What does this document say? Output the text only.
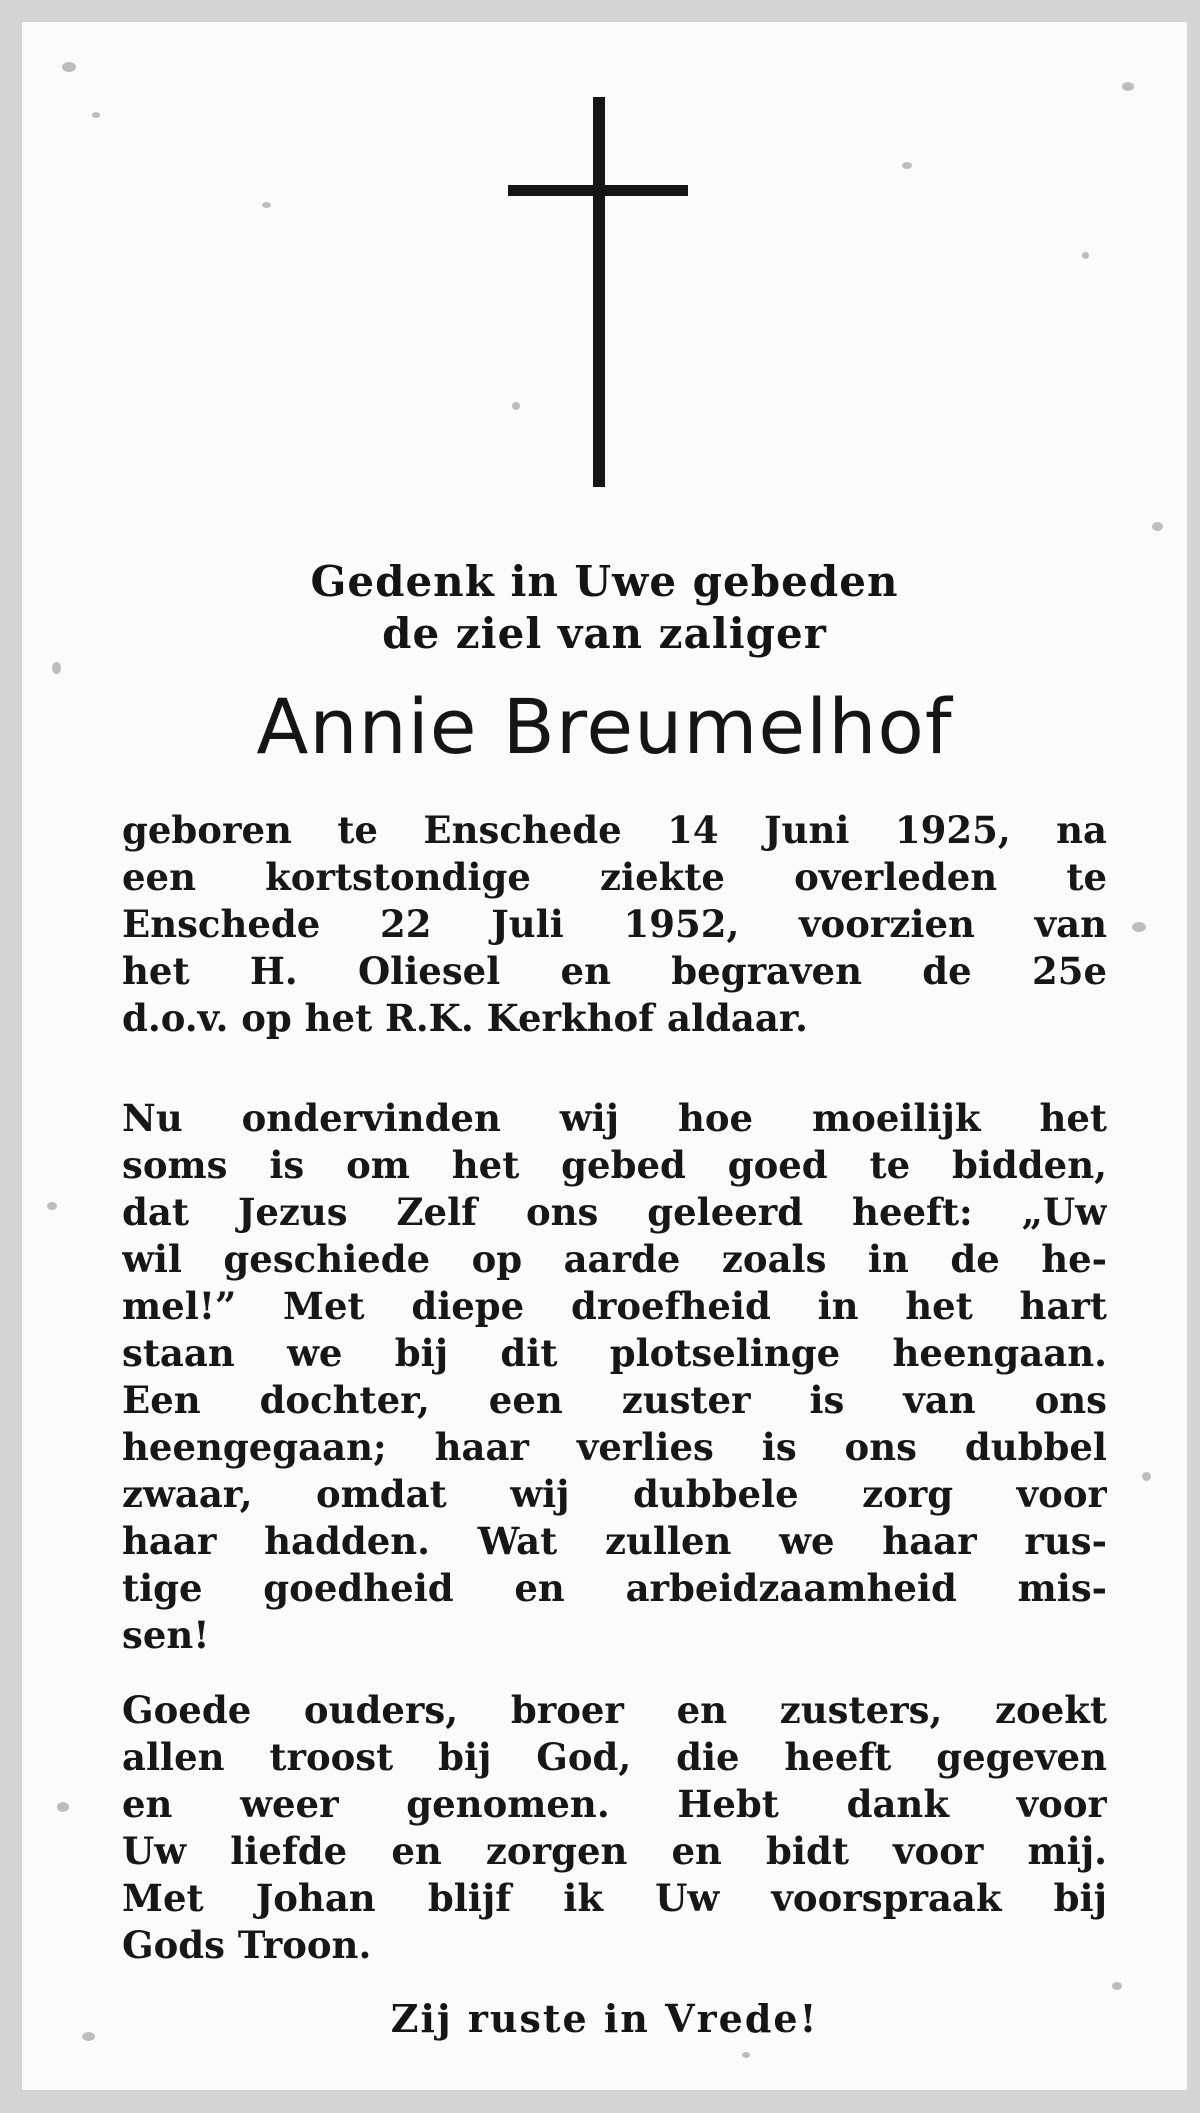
Gedenk in Uwe gebeden
de ziel van zaliger
Annie Breumelhof
geboren te Enschede 14 Juni 1925, na
een kortstondige ziekte overleden te
Enschede 22 Juli 1952, voorzien van
het H. Oliesel en begraven de 25e
d.o.v. op het R.K. Kerkhof aldaar.
Nu ondervinden wij hoe moeilijk het
soms is om het gebed goed te bidden,
dat Jezus Zelf ons geleerd heeft: „Uw
wil geschiede op aarde zoals in de he-
mel!” Met diepe droefheid in het hart
staan we bij dit plotselinge heengaan.
Een dochter, een zuster is van ons
heengegaan; haar verlies is ons dubbel
zwaar, omdat wij dubbele zorg voor
haar hadden. Wat zullen we haar rus-
tige goedheid en arbeidzaamheid mis-
sen!
Goede ouders, broer en zusters, zoekt
allen troost bij God, die heeft gegeven
en weer genomen. Hebt dank voor
Uw liefde en zorgen en bidt voor mij.
Met Johan blijf ik Uw voorspraak bij
Gods Troon.
Zij ruste in Vrede!
